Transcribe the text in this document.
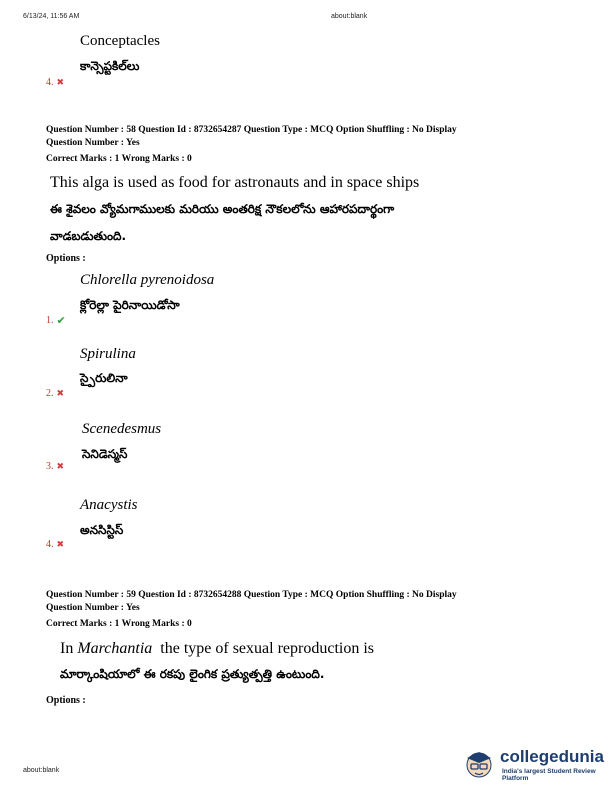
6/13/24, 11:56 AM	about:blank
Conceptacles
కాన్సెప్టకిల్‌లు
4. ✖
Question Number : 58 Question Id : 8732654287 Question Type : MCQ Option Shuffling : No Display
Question Number : Yes
Correct Marks : 1 Wrong Marks : 0
This alga is used as food for astronauts and in space ships
ఈ శైవలం వ్యోమగాములకు మరియు అంతరిక్ష నౌకలలోను ఆహారపదార్థంగా
వాడబడుతుంది.
Options :
Chlorella pyrenoidosa
క్లోరెల్లా పైరినాయిడోసా
1. ✔
Spirulina
స్పైరులినా
2. ✖
Scenedesmus
సెనిడెస్మస్
3. ✖
Anacystis
అనసిస్టిస్
4. ✖
Question Number : 59 Question Id : 8732654288 Question Type : MCQ Option Shuffling : No Display
Question Number : Yes
Correct Marks : 1 Wrong Marks : 0
In Marchantia  the type of sexual reproduction is
మార్కాంషియాలో ఈ రకపు లైంగిక ప్రత్యుత్పత్తి ఉంటుంది.
Options :
about:blank
collegedunia
India's largest Student Review Platform
